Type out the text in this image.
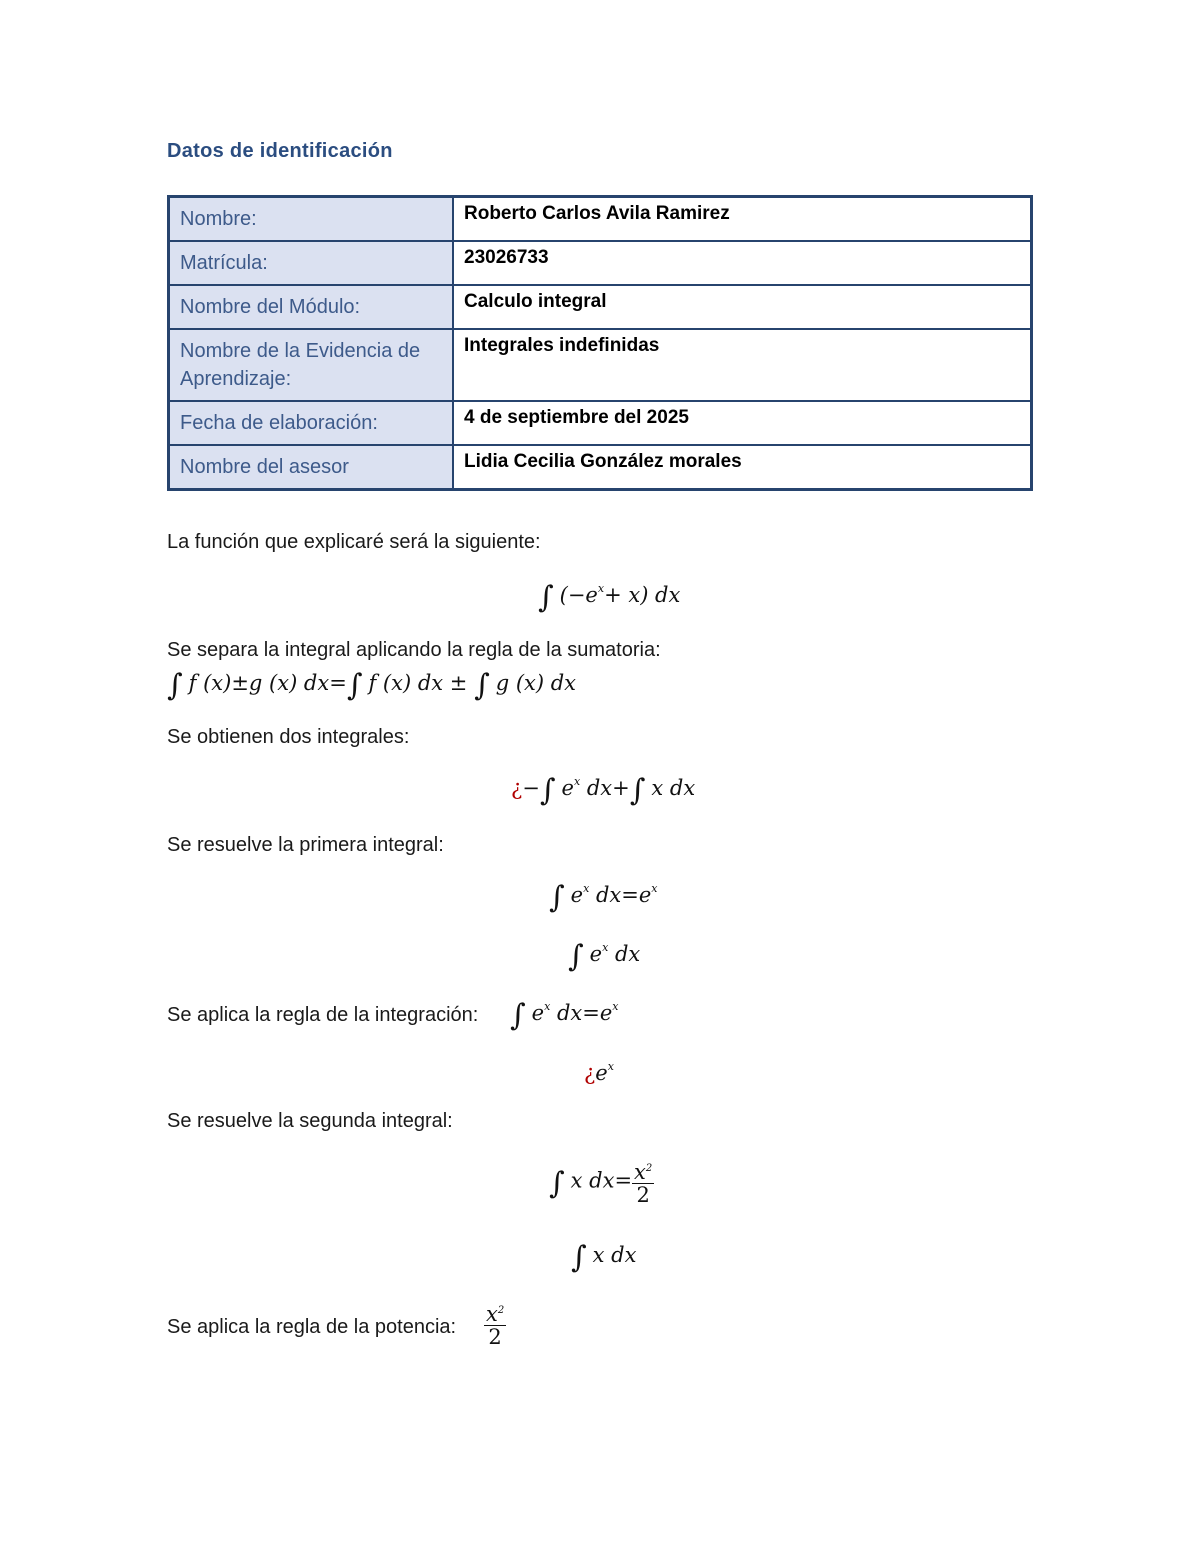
Datos de identificación
Nombre:	Roberto Carlos Avila Ramirez
Matrícula:	23026733
Nombre del Módulo:	Calculo integral
Nombre de la Evidencia de Aprendizaje:	Integrales indefinidas
Fecha de elaboración:	4 de septiembre del 2025
Nombre del asesor	Lidia Cecilia González morales
La función que explicaré será la siguiente:
∫ $(-e^x+ x)$ dx
Se separa la integral aplicando la regla de la sumatoria:
∫ f (x)±g (x) dx=∫ f (x) dx ± ∫ g (x) dx
Se obtienen dos integrales:
¿−∫ $e^x$ dx+∫ x dx
Se resuelve la primera integral:
∫ $e^x$ $dx=e^x$
∫ $e^x$ dx
Se aplica la regla de la integración: ∫ $e^x$ $dx=e^x$
¿$e^x$
Se resuelve la segunda integral:
∫ x $dx= \frac{x^2}{2}$
∫ x dx
Se aplica la regla de la potencia: $\frac{x^2}{2}$
